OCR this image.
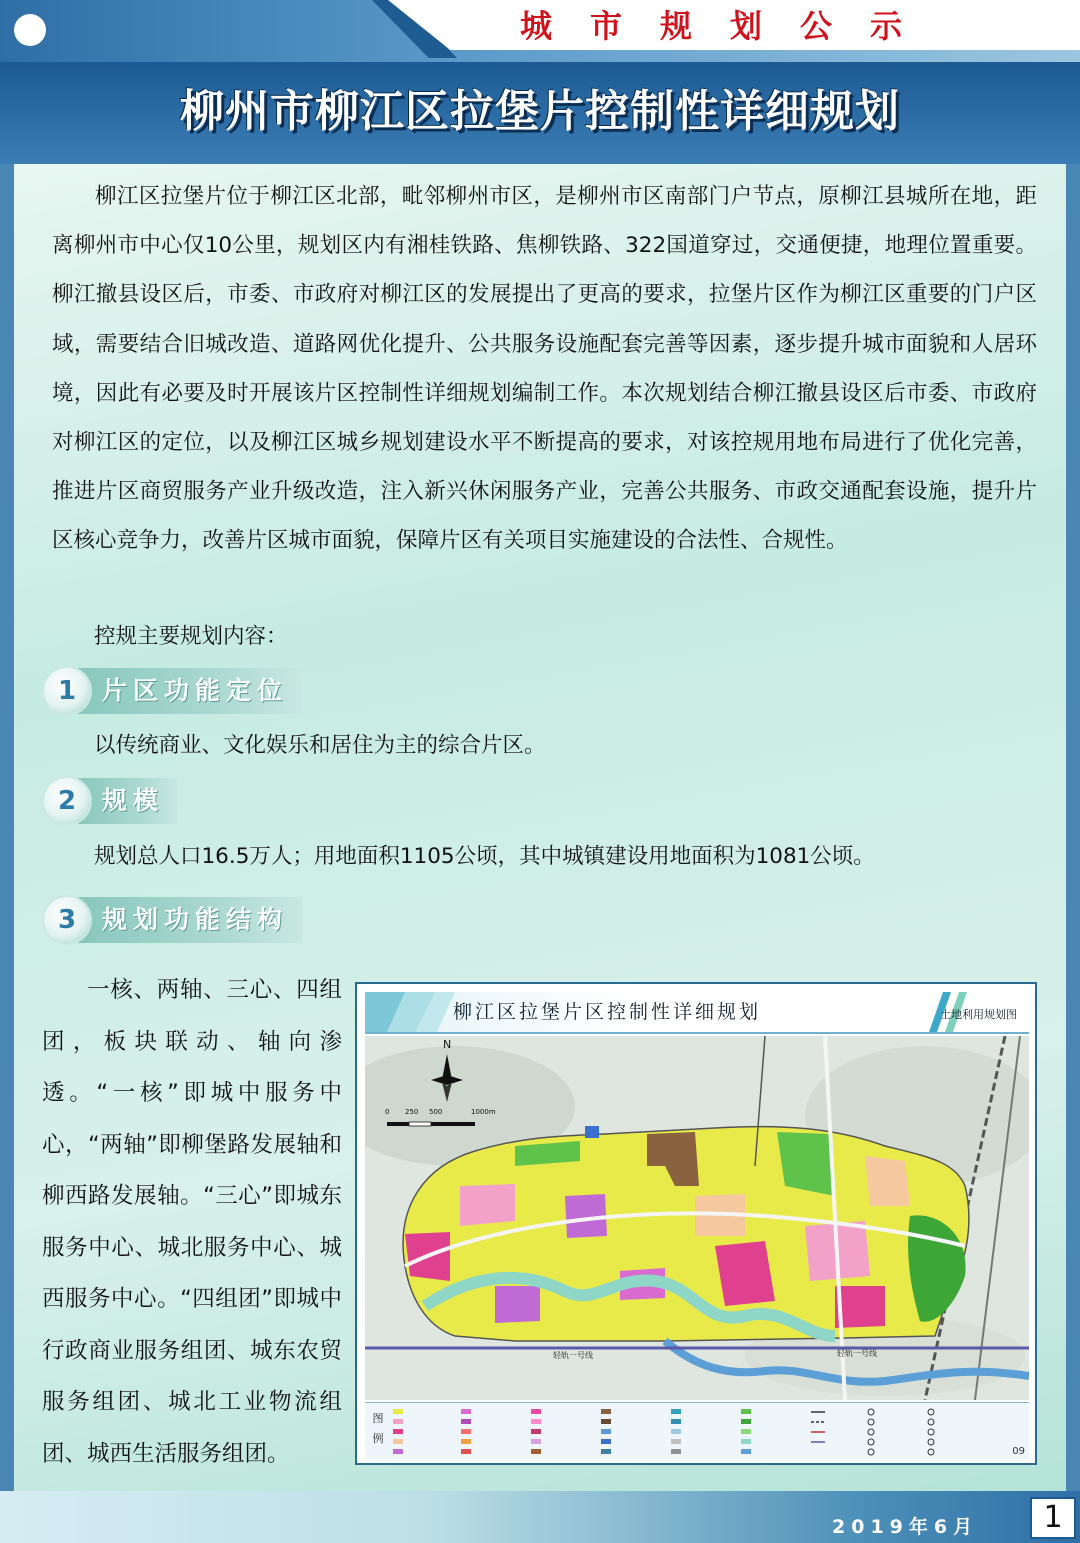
城市规划公示
柳州市柳江区拉堡片控制性详细规划

柳江区拉堡片位于柳江区北部，毗邻柳州市区，是柳州市区南部门户节点，原柳江县城所在地，距离柳州市中心仅10公里，规划区内有湘桂铁路、焦柳铁路、322国道穿过，交通便捷，地理位置重要。柳江撤县设区后，市委、市政府对柳江区的发展提出了更高的要求，拉堡片区作为柳江区重要的门户区域，需要结合旧城改造、道路网优化提升、公共服务设施配套完善等因素，逐步提升城市面貌和人居环境，因此有必要及时开展该片区控制性详细规划编制工作。本次规划结合柳江撤县设区后市委、市政府对柳江区的定位，以及柳江区城乡规划建设水平不断提高的要求，对该控规用地布局进行了优化完善，推进片区商贸服务产业升级改造，注入新兴休闲服务产业，完善公共服务、市政交通配套设施，提升片区核心竞争力，改善片区城市面貌，保障片区有关项目实施建设的合法性、合规性。

控规主要规划内容：
片区功能定位
1
以传统商业、文化娱乐和居住为主的综合片区。
规模
2
规划总人口16.5万人；用地面积1105公顷，其中城镇建设用地面积为1081公顷。
规划功能结构
3

一核、两轴、三心、四组团，板块联动、轴向渗透。“一核”即城中服务中心，“两轴”即柳堡路发展轴和柳西路发展轴。“三心”即城东服务中心、城北服务中心、城西服务中心。“四组团”即城中行政商业服务组团、城东农贸服务组团、城北工业物流组团、城西生活服务组团。

柳江区拉堡片区控制性详细规划	土地利用规划图
N
0 250 500	1000m
轻轨一号线	轻轨一号线
图例
09
2019年6月	1
